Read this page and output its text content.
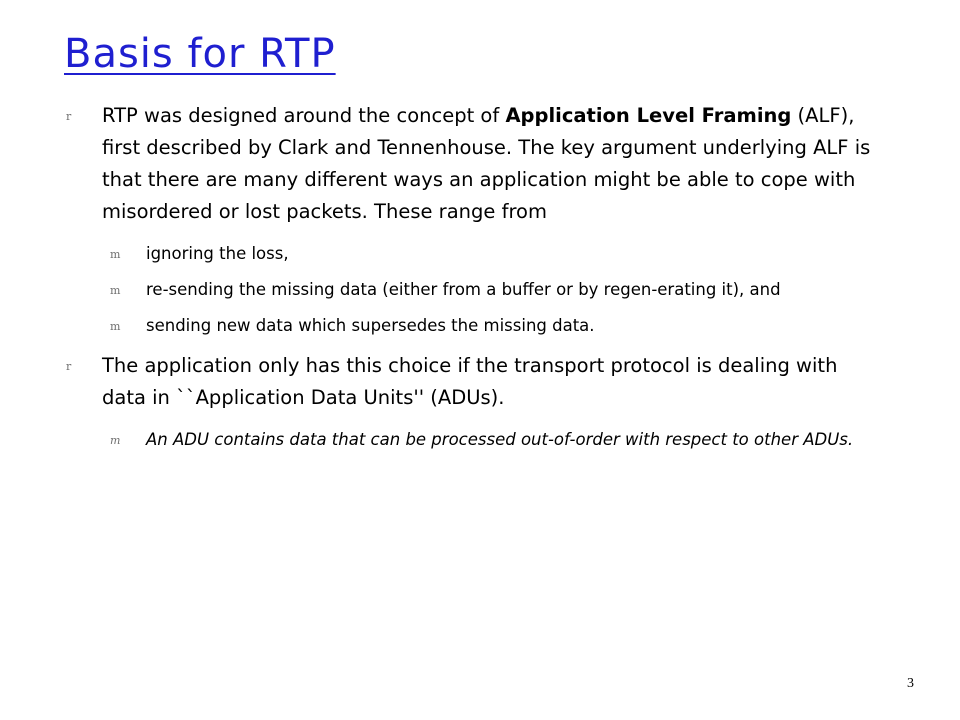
Basis for RTP
r RTP was designed around the concept of Application Level Framing (ALF), first described by Clark and Tennenhouse. The key argument underlying ALF is that there are many different ways an application might be able to cope with misordered or lost packets. These range from
m ignoring the loss,
m re-sending the missing data (either from a buffer or by regen-erating it), and
m sending new data which supersedes the missing data.
r The application only has this choice if the transport protocol is dealing with data in ``Application Data Units'' (ADUs).
m An ADU contains data that can be processed out-of-order with respect to other ADUs.
3
